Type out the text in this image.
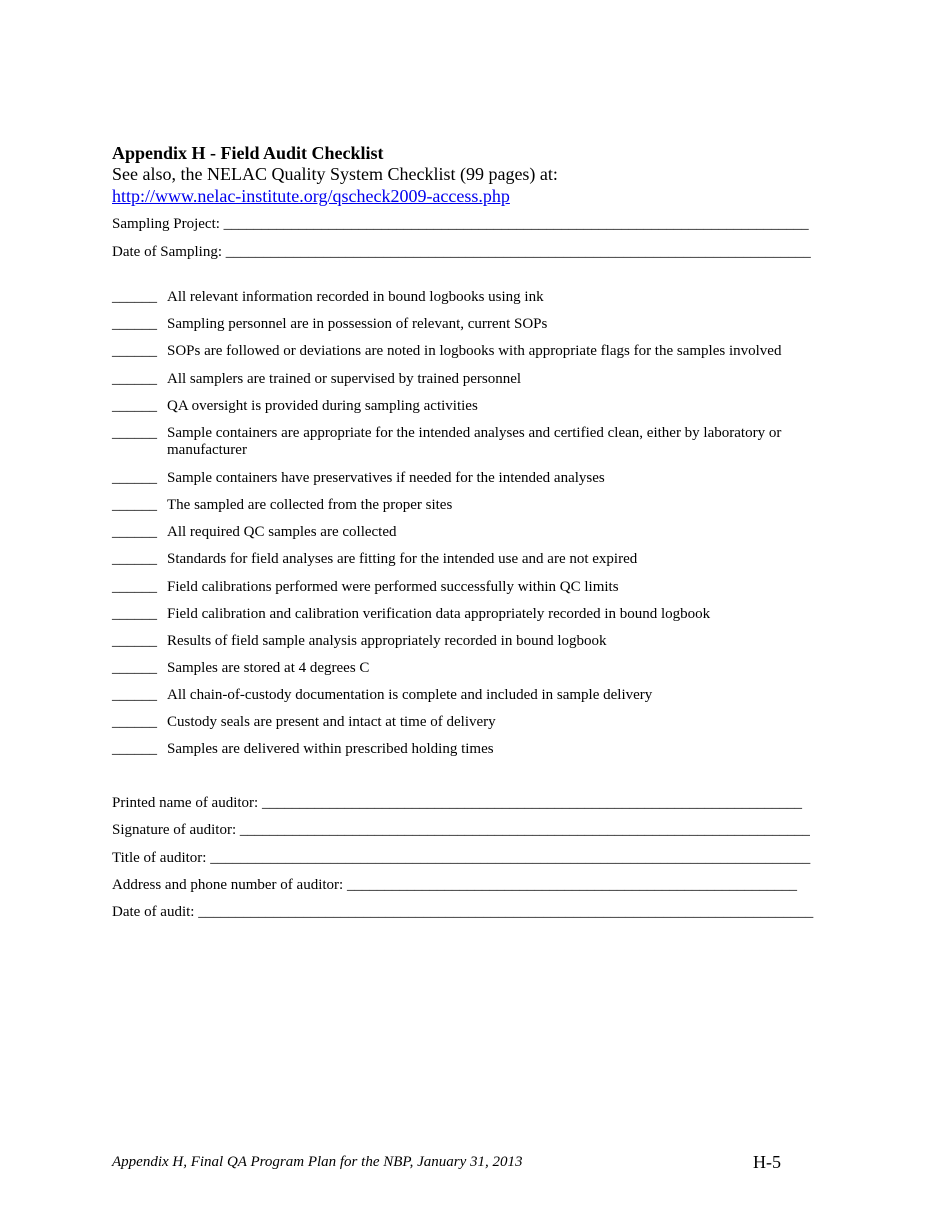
Appendix H - Field Audit Checklist
See also, the NELAC Quality System Checklist (99 pages) at:
http://www.nelac-institute.org/qscheck2009-access.php
Sampling Project: ______________________________________________________________________________
Date of Sampling: ______________________________________________________________________________
______ All relevant information recorded in bound logbooks using ink
______ Sampling personnel are in possession of relevant, current SOPs
______ SOPs are followed or deviations are noted in logbooks with appropriate flags for the samples involved
______ All samplers are trained or supervised by trained personnel
______ QA oversight is provided during sampling activities
______ Sample containers are appropriate for the intended analyses and certified clean, either by laboratory or manufacturer
______ Sample containers have preservatives if needed for the intended analyses
______ The sampled are collected from the proper sites
______ All required QC samples are collected
______ Standards for field analyses are fitting for the intended use and are not expired
______ Field calibrations performed were performed successfully within QC limits
______ Field calibration and calibration verification data appropriately recorded in bound logbook
______ Results of field sample analysis appropriately recorded in bound logbook
______ Samples are stored at 4 degrees C
______ All chain-of-custody documentation is complete and included in sample delivery
______ Custody seals are present and intact at time of delivery
______ Samples are delivered within prescribed holding times
Printed name of auditor: ________________________________________________________________________
Signature of auditor: ____________________________________________________________________________
Title of auditor: ________________________________________________________________________________
Address and phone number of auditor: ____________________________________________________________
Date of audit: __________________________________________________________________________________
Appendix H, Final QA Program Plan for the NBP, January 31, 2013	H-5
